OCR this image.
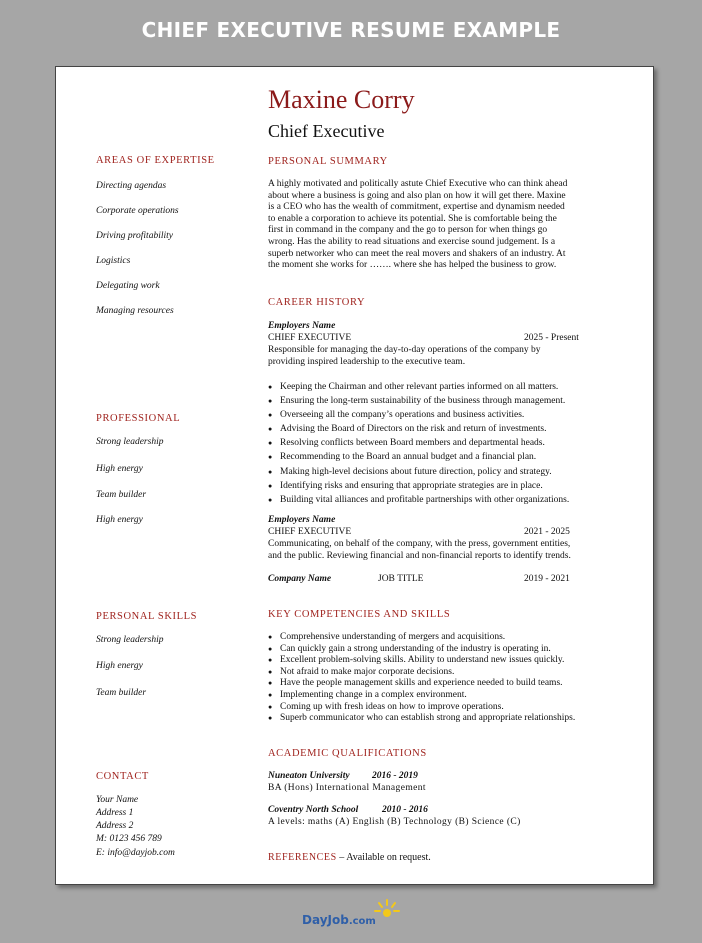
CHIEF EXECUTIVE RESUME EXAMPLE
Maxine Corry
Chief Executive
AREAS OF EXPERTISE
Directing agendas
Corporate operations
Driving profitability
Logistics
Delegating work
Managing resources
PROFESSIONAL
Strong leadership
High energy
Team builder
High energy
PERSONAL SKILLS
Strong leadership
High energy
Team builder
CONTACT
Your Name
Address 1
Address 2
M: 0123 456 789
E: info@dayjob.com
PERSONAL SUMMARY
A highly motivated and politically astute Chief Executive who can think ahead
about where a business is going and also plan on how it will get there. Maxine
is a CEO who has the wealth of commitment, expertise and dynamism needed
to enable a corporation to achieve its potential. She is comfortable being the
first in command in the company and the go to person for when things go
wrong. Has the ability to read situations and exercise sound judgement. Is a
superb networker who can meet the real movers and shakers of an industry. At
the moment she works for ……. where she has helped the business to grow.
CAREER HISTORY
Employers Name
CHIEF EXECUTIVE	2025 - Present
Responsible for managing the day-to-day operations of the company by
providing inspired leadership to the executive team.
● Keeping the Chairman and other relevant parties informed on all matters.
● Ensuring the long-term sustainability of the business through management.
● Overseeing all the company’s operations and business activities.
● Advising the Board of Directors on the risk and return of investments.
● Resolving conflicts between Board members and departmental heads.
● Recommending to the Board an annual budget and a financial plan.
● Making high-level decisions about future direction, policy and strategy.
● Identifying risks and ensuring that appropriate strategies are in place.
● Building vital alliances and profitable partnerships with other organizations.
Employers Name
CHIEF EXECUTIVE	2021 - 2025
Communicating, on behalf of the company, with the press, government entities,
and the public. Reviewing financial and non-financial reports to identify trends.
Company Name	JOB TITLE	2019 - 2021
KEY COMPETENCIES AND SKILLS
● Comprehensive understanding of mergers and acquisitions.
● Can quickly gain a strong understanding of the industry is operating in.
● Excellent problem-solving skills. Ability to understand new issues quickly.
● Not afraid to make major corporate decisions.
● Have the people management skills and experience needed to build teams.
● Implementing change in a complex environment.
● Coming up with fresh ideas on how to improve operations.
● Superb communicator who can establish strong and appropriate relationships.
ACADEMIC QUALIFICATIONS
Nuneaton University 2016 - 2019
BA (Hons) International Management
Coventry North School 2010 - 2016
A levels: maths (A) English (B) Technology (B) Science (C)
REFERENCES – Available on request.
DayJob.com
